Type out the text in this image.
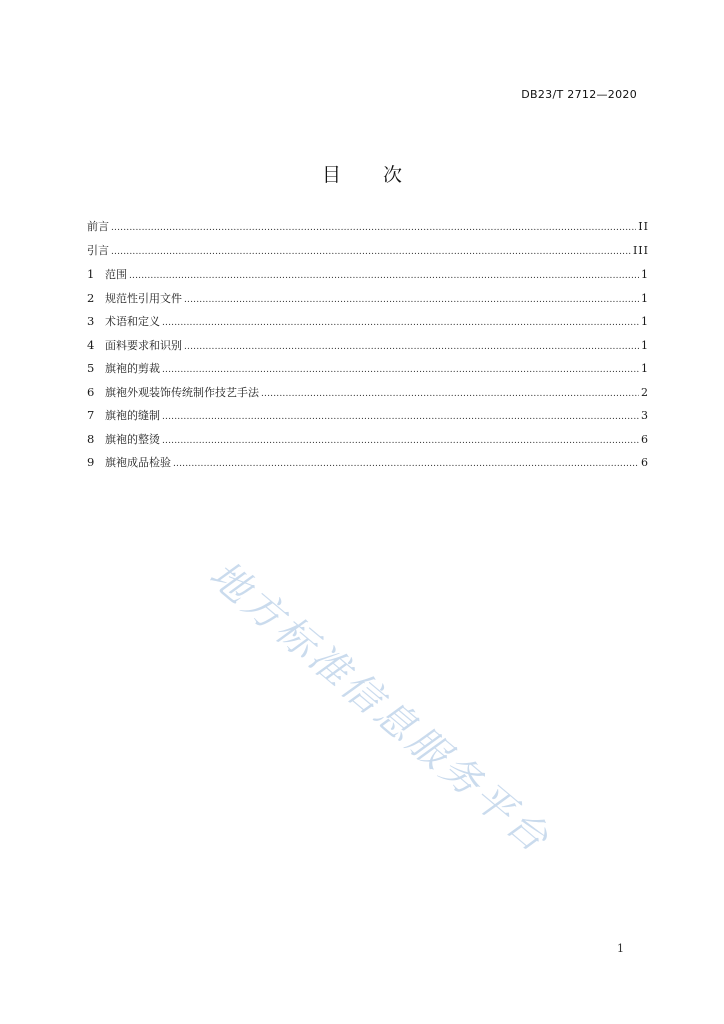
DB23/T 2712—2020
目次
前言 .....	II
引言 .....	III
1 范围 .....	1
2 规范性引用文件 .....	1
3 术语和定义 .....	1
4 面料要求和识别 .....	1
5 旗袍的剪裁 .....	1
6 旗袍外观装饰传统制作技艺手法 .....	2
7 旗袍的缝制 .....	3
8 旗袍的整烫 .....	6
9 旗袍成品检验 .....	6
地方标准信息服务平台
1
